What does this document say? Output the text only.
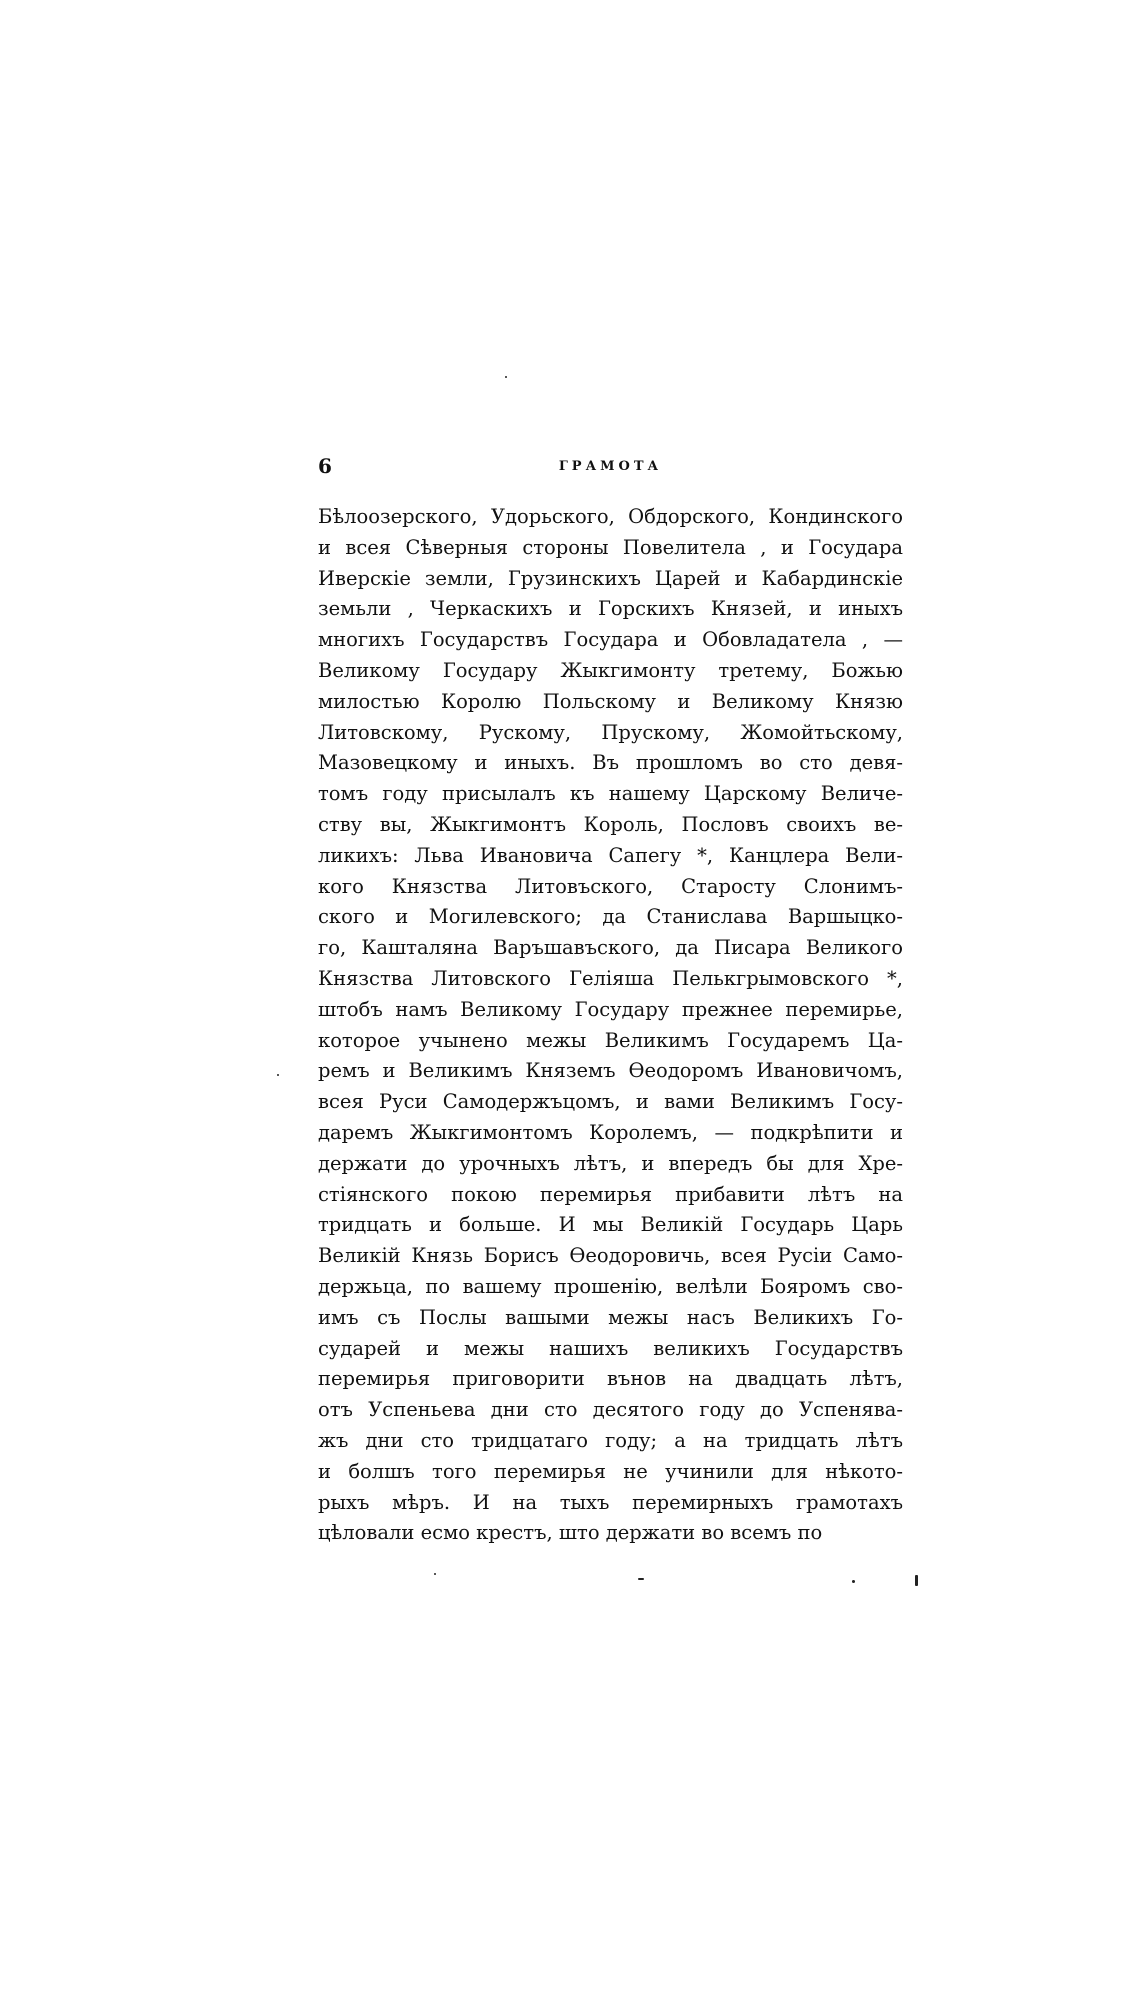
6	ГРАМОТА
Бѣлоозерского, Удорьского, Обдорского, Кондинского
и всея Сѣверныя стороны Повелитела , и Государа
Иверскіе земли, Грузинскихъ Царей и Кабардинскіе
земьли , Черкаскихъ и Горскихъ Князей, и иныхъ
многихъ Государствъ Государа и Обовладатела , —
Великому Государу Жыкгимонту третему, Божью
милостью Королю Польскому и Великому Князю
Литовскому, Рускому, Прускому, Жомойтьскому,
Мазовецкому и иныхъ. Въ прошломъ во сто девя-
томъ году присылалъ къ нашему Царскому Величе-
ству вы, Жыкгимонтъ Король, Пословъ своихъ ве-
ликихъ: Льва Ивановича Сапегу *, Канцлера Вели-
кого Князства Литовъского, Старосту Слонимъ-
ского и Могилевского; да Станислава Варшыцко-
го, Кашталяна Варъшавъского, да Писара Великого
Князства Литовского Геліяша Пелькгрымовского *,
штобъ намъ Великому Государу прежнее перемирье,
которое учынено межы Великимъ Государемъ Ца-
ремъ и Великимъ Княземъ Ѳеодоромъ Ивановичомъ,
всея Руси Самодержъцомъ, и вами Великимъ Госу-
даремъ Жыкгимонтомъ Королемъ, — подкрѣпити и
держати до урочныхъ лѣтъ, и впередъ бы для Хре-
стіянского покою перемирья прибавити лѣтъ на
тридцать и больше. И мы Великій Государь Царь
Великій Князь Борисъ Ѳеодоровичь, всея Русіи Само-
держьца, по вашему прошенію, велѣли Бояромъ сво-
имъ съ Послы вашыми межы насъ Великихъ Го-
сударей и межы нашихъ великихъ Государствъ
перемирья приговорити вънов на двадцать лѣтъ,
отъ Успеньева дни сто десятого году до Успенява-
жъ дни сто тридцатаго году; а на тридцать лѣтъ
и болшъ того перемирья не учинили для нѣкото-
рыхъ мѣръ. И на тыхъ перемирныхъ грамотахъ
цѣловали есмо крестъ, што держати во всемъ по
